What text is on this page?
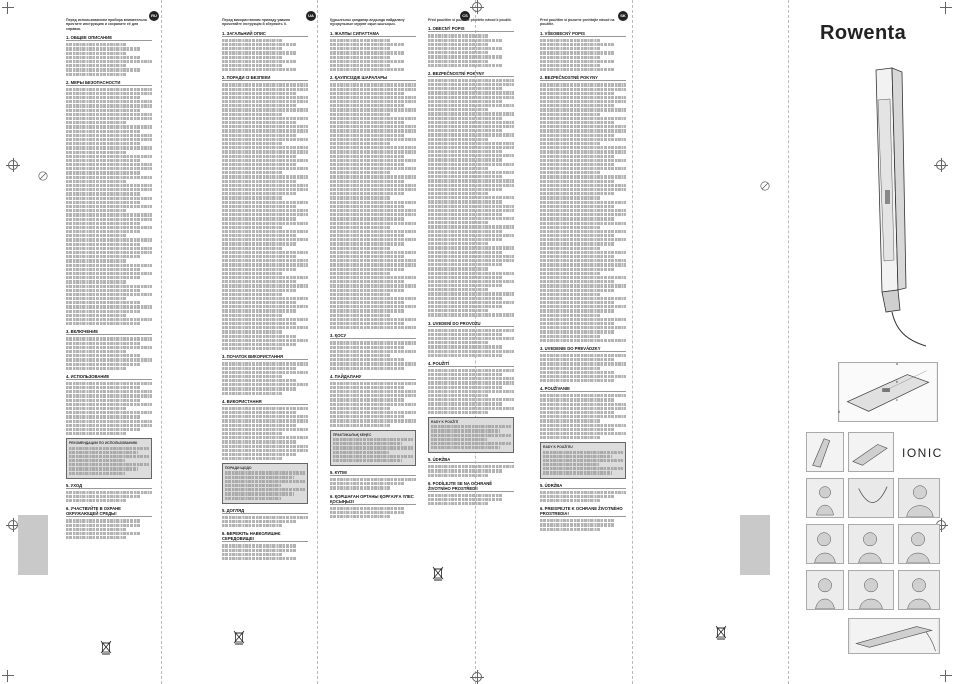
RU
Перед использованием прибора внимательно прочтите инструкцию и сохраните её для справок.
1. ОБЩЕЕ ОПИСАНИЕ
2. МЕРЫ БЕЗОПАСНОСТИ
3. ВКЛЮЧЕНИЕ
4. ИСПОЛЬЗОВАНИЕ
РЕКОМЕНДАЦИИ ПО ИСПОЛЬЗОВАНИЮ
5. УХОД
6. УЧАСТВУЙТЕ В ОХРАНЕ ОКРУЖАЮЩЕЙ СРЕДЫ!
UA
Перед використанням приладу уважно прочитайте інструкцію й збережіть її.
1. ЗАГАЛЬНИЙ ОПИС
2. ПОРАДИ ІЗ БЕЗПЕКИ
3. ПОЧАТОК ВИКОРИСТАННЯ
4. ВИКОРИСТАННЯ
ПОРАДИ ЩОДО
5. ДОГЛЯД
6. БЕРЕЖІТЬ НАВКОЛИШНЄ СЕРЕДОВИЩЕ!
Құрылғыны қолданар алдында пайдалану нұсқаулығын мұқият оқып шығыңыз.
1. ЖАЛПЫ СИПАТТАМА
2. ҚАУІПСІЗДІК ШАРАЛАРЫ
3. ҚОСУ
4. ПАЙДАЛАНУ
ПРАКТИКАЛЫҚ КЕҢЕС
5. КҮТІМ
6. ҚОРШАҒАН ОРТАНЫ ҚОРҒАУҒА ҮЛЕС ҚОСЫҢЫЗ!
CS
Před použitím si pozorně přečtěte návod k použití.
1. OBECNÝ POPIS
2. BEZPEČNOSTNÍ POKYNY
3. UVEDENÍ DO PROVOZU
4. POUŽITÍ
RADY K POUŽITÍ
5. ÚDRŽBA
6. PODÍLEJTE SE NA OCHRANĚ ŽIVOTNÍHO PROSTŘEDÍ!
SK
Pred použitím si pozorne prečítajte návod na použitie.
1. VŠEOBECNÝ POPIS
2. BEZPEČNOSTNÉ POKYNY
3. UVEDENIE DO PREVÁDZKY
4. POUŽÍVANIE
RADY K POUŽITIU
5. ÚDRŽBA
6. PREISPEJTE K OCHRANE ŽIVOTNÉHO PROSTREDIA!
Rowenta
a
b
c
d
IONIC
